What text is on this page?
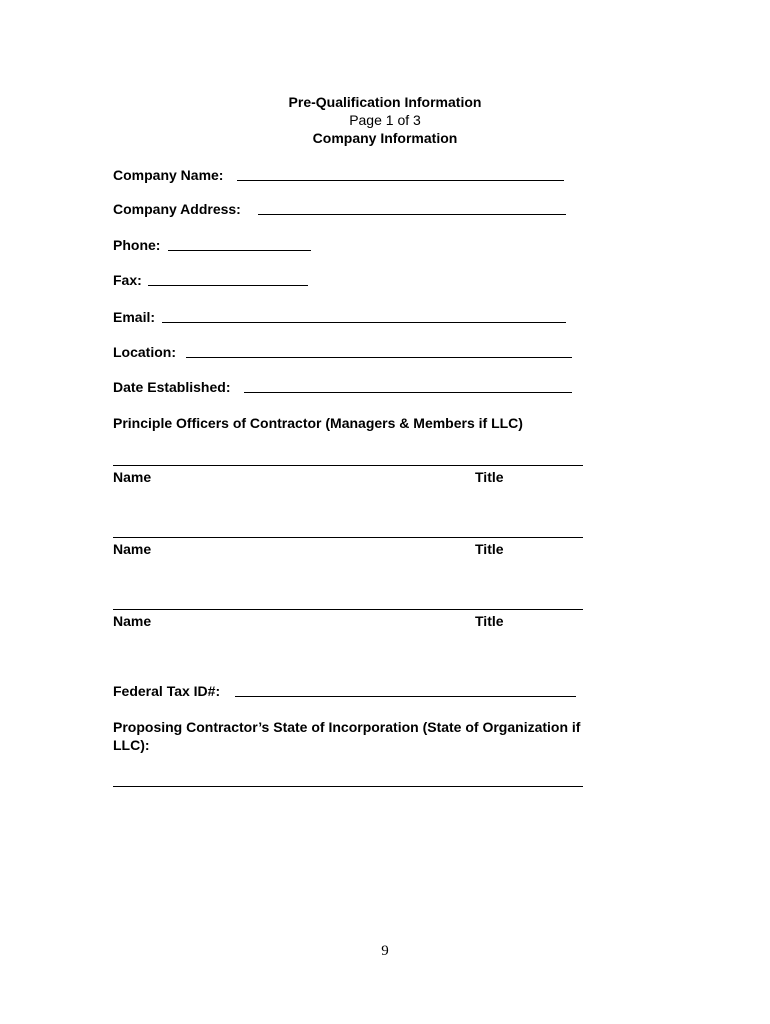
Pre-Qualification Information
Page 1 of 3
Company Information
Company Name:
Company Address:
Phone:
Fax:
Email:
Location:
Date Established:
Principle Officers of Contractor (Managers & Members if LLC)
Name	Title
Name	Title
Name	Title
Federal Tax ID#:
Proposing Contractor’s State of Incorporation (State of Organization if
LLC):
9
